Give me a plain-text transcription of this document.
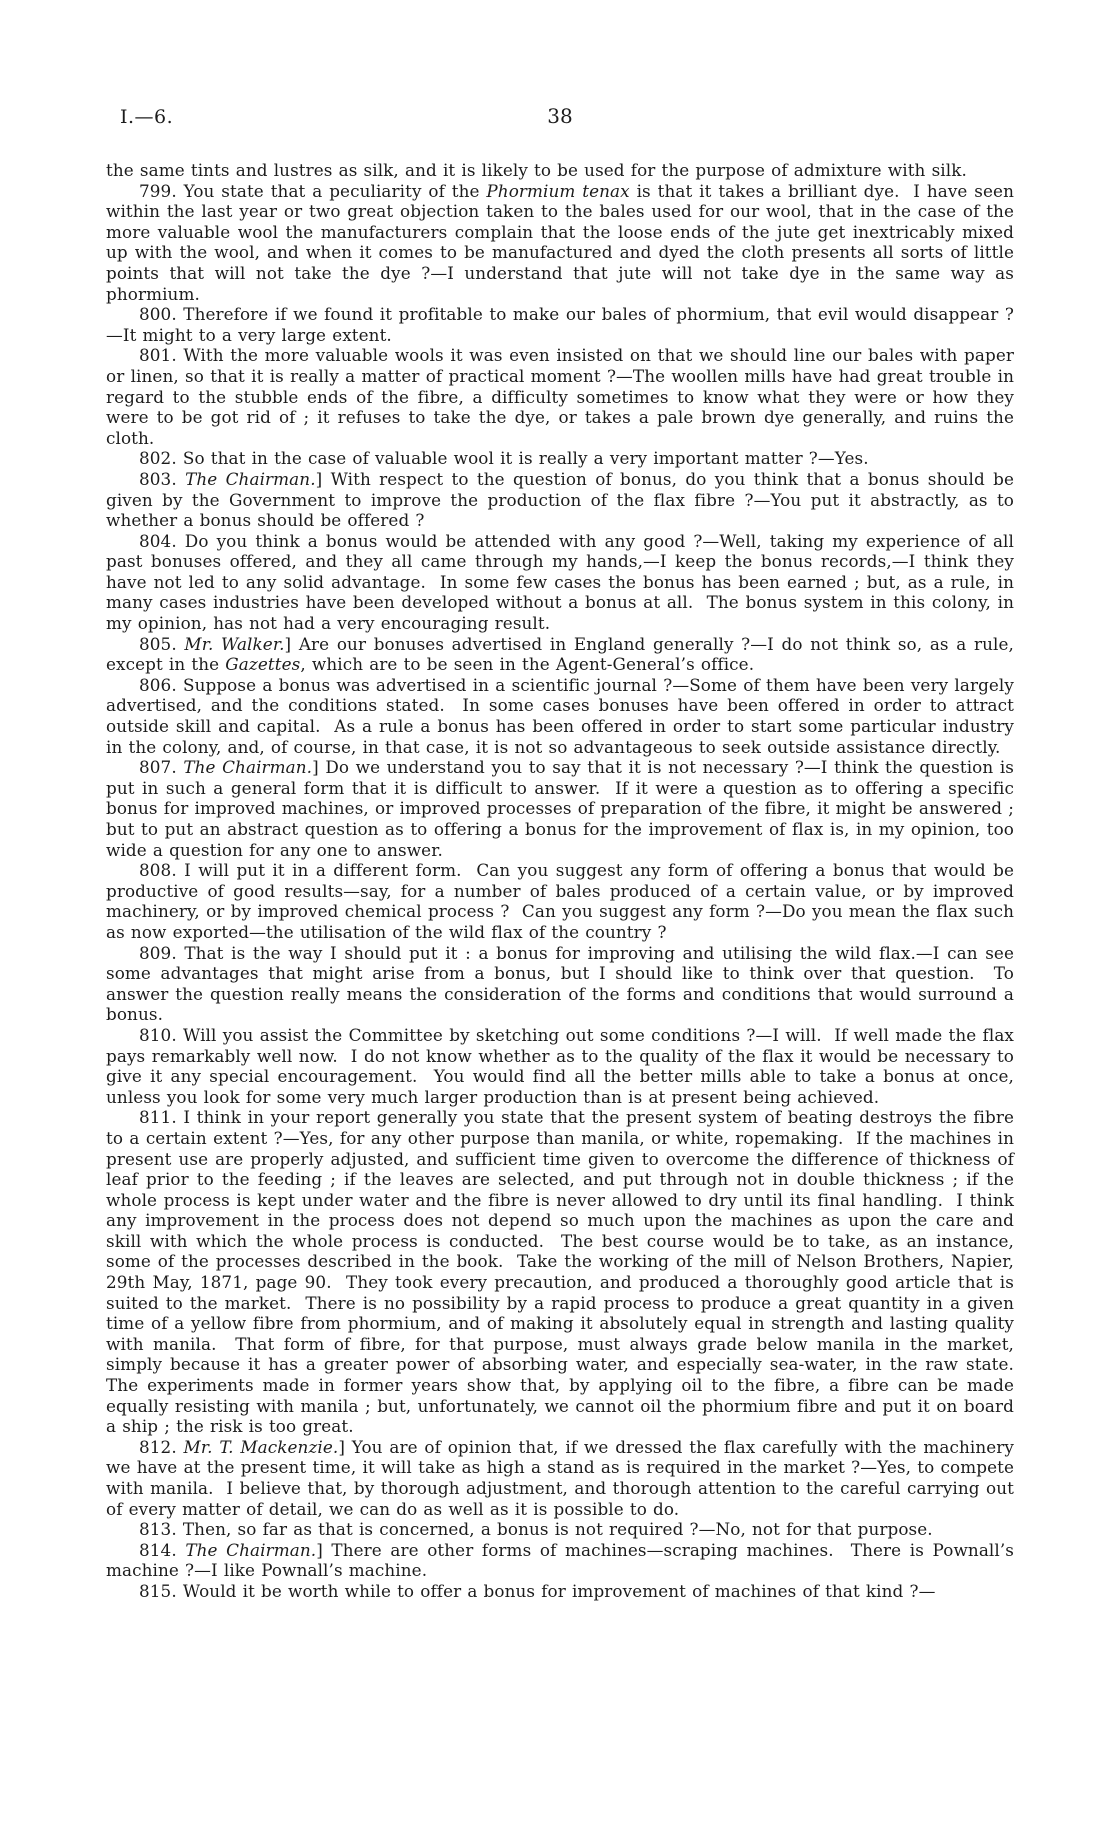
I.—6.	38

the same tints and lustres as silk, and it is likely to be used for the purpose of admixture with silk.

799. You state that a peculiarity of the Phormium tenax is that it takes a brilliant dye.  I have seen within the last year or two great objection taken to the bales used for our wool, that in the case of the more valuable wool the manufacturers complain that the loose ends of the jute get inextricably mixed up with the wool, and when it comes to be manufactured and dyed the cloth presents all sorts of little points that will not take the dye ?—I understand that jute will not take dye in the same way as phormium.

800. Therefore if we found it profitable to make our bales of phormium, that evil would disappear ?—It might to a very large extent.

801. With the more valuable wools it was even insisted on that we should line our bales with paper or linen, so that it is really a matter of practical moment ?—The woollen mills have had great trouble in regard to the stubble ends of the fibre, a difficulty sometimes to know what they were or how they were to be got rid of ; it refuses to take the dye, or takes a pale brown dye generally, and ruins the cloth.

802. So that in the case of valuable wool it is really a very important matter ?—Yes.

803. The Chairman.] With respect to the question of bonus, do you think that a bonus should be given by the Government to improve the production of the flax fibre ?—You put it abstractly, as to whether a bonus should be offered ?

804. Do you think a bonus would be attended with any good ?—Well, taking my experience of all past bonuses offered, and they all came through my hands,—I keep the bonus records,—I think they have not led to any solid advantage.  In some few cases the bonus has been earned ; but, as a rule, in many cases industries have been developed without a bonus at all.  The bonus system in this colony, in my opinion, has not had a very encouraging result.

805. Mr. Walker.] Are our bonuses advertised in England generally ?—I do not think so, as a rule, except in the Gazettes, which are to be seen in the Agent-General’s office.

806. Suppose a bonus was advertised in a scientific journal ?—Some of them have been very largely advertised, and the conditions stated.  In some cases bonuses have been offered in order to attract outside skill and capital.  As a rule a bonus has been offered in order to start some particular industry in the colony, and, of course, in that case, it is not so advantageous to seek outside assistance directly.

807. The Chairman.] Do we understand you to say that it is not necessary ?—I think the question is put in such a general form that it is difficult to answer.  If it were a question as to offering a specific bonus for improved machines, or improved processes of preparation of the fibre, it might be answered ; but to put an abstract question as to offering a bonus for the improvement of flax is, in my opinion, too wide a question for any one to answer.

808. I will put it in a different form.  Can you suggest any form of offering a bonus that would be productive of good results—say, for a number of bales produced of a certain value, or by improved machinery, or by improved chemical process ?  Can you suggest any form ?—Do you mean the flax such as now exported—the utilisation of the wild flax of the country ?

809. That is the way I should put it : a bonus for improving and utilising the wild flax.—I can see some advantages that might arise from a bonus, but I should like to think over that question.  To answer the question really means the consideration of the forms and conditions that would surround a bonus.

810. Will you assist the Committee by sketching out some conditions ?—I will.  If well made the flax pays remarkably well now.  I do not know whether as to the quality of the flax it would be necessary to give it any special encouragement.  You would find all the better mills able to take a bonus at once, unless you look for some very much larger production than is at present being achieved.

811. I think in your report generally you state that the present system of beating destroys the fibre to a certain extent ?—Yes, for any other purpose than manila, or white, ropemaking.  If the machines in present use are properly adjusted, and sufficient time given to overcome the difference of thickness of leaf prior to the feeding ; if the leaves are selected, and put through not in double thickness ; if the whole process is kept under water and the fibre is never allowed to dry until its final handling.  I think any improvement in the process does not depend so much upon the machines as upon the care and skill with which the whole process is conducted.  The best course would be to take, as an instance, some of the processes described in the book.  Take the working of the mill of Nelson Brothers, Napier, 29th May, 1871, page 90.  They took every precaution, and produced a thoroughly good article that is suited to the market.  There is no possibility by a rapid process to produce a great quantity in a given time of a yellow fibre from phormium, and of making it absolutely equal in strength and lasting quality with manila.  That form of fibre, for that purpose, must always grade below manila in the market, simply because it has a greater power of absorbing water, and especially sea-water, in the raw state.  The experiments made in former years show that, by applying oil to the fibre, a fibre can be made equally resisting with manila ; but, unfortunately, we cannot oil the phormium fibre and put it on board a ship ; the risk is too great.

812. Mr. T. Mackenzie.] You are of opinion that, if we dressed the flax carefully with the machinery we have at the present time, it will take as high a stand as is required in the market ?—Yes, to compete with manila.  I believe that, by thorough adjustment, and thorough attention to the careful carrying out of every matter of detail, we can do as well as it is possible to do.

813. Then, so far as that is concerned, a bonus is not required ?—No, not for that purpose.

814. The Chairman.] There are other forms of machines—scraping machines.  There is Pownall’s machine ?—I like Pownall’s machine.

815. Would it be worth while to offer a bonus for improvement of machines of that kind ?—
